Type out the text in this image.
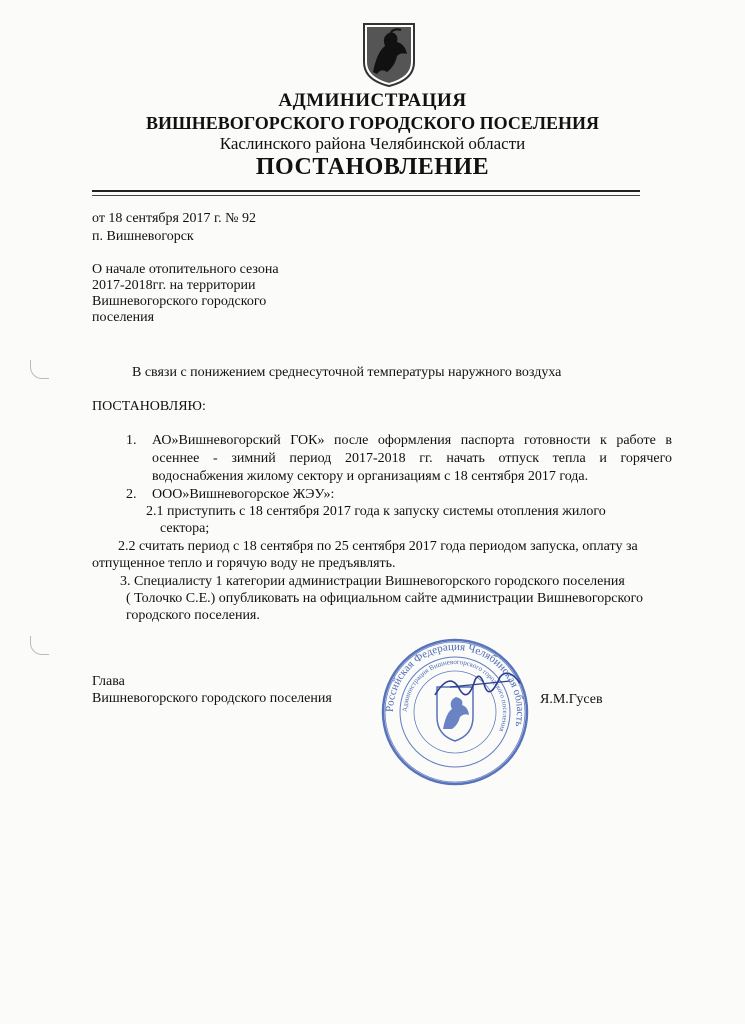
АДМИНИСТРАЦИЯ
ВИШНЕВОГОРСКОГО ГОРОДСКОГО ПОСЕЛЕНИЯ
Каслинского района Челябинской области
ПОСТАНОВЛЕНИЕ
от 18 сентября 2017 г. № 92
п. Вишневогорск
О начале отопительного сезона
2017-2018гг. на территории
Вишневогорского городского
поселения
В связи с понижением среднесуточной температуры наружного воздуха
ПОСТАНОВЛЯЮ:
1. АО»Вишневогорский ГОК» после оформления паспорта готовности к работе в
осеннее - зимний период 2017-2018 гг. начать отпуск тепла и горячего
водоснабжения жилому сектору и организациям с 18 сентября 2017 года.
2. ООО»Вишневогорское ЖЭУ»:
2.1 приступить с 18 сентября 2017 года к запуску системы отопления жилого
сектора;
2.2 считать период с 18 сентября по 25 сентября 2017 года периодом запуска, оплату за
отпущенное тепло и горячую воду не предъявлять.
3. Специалисту 1 категории администрации Вишневогорского городского поселения
( Толочко С.Е.) опубликовать на официальном сайте администрации Вишневогорского
городского поселения.
Глава
Вишневогорского городского поселения	Я.М.Гусев
Российская Федерация Челябинская область
Администрация Вишневогорского городского поселения
